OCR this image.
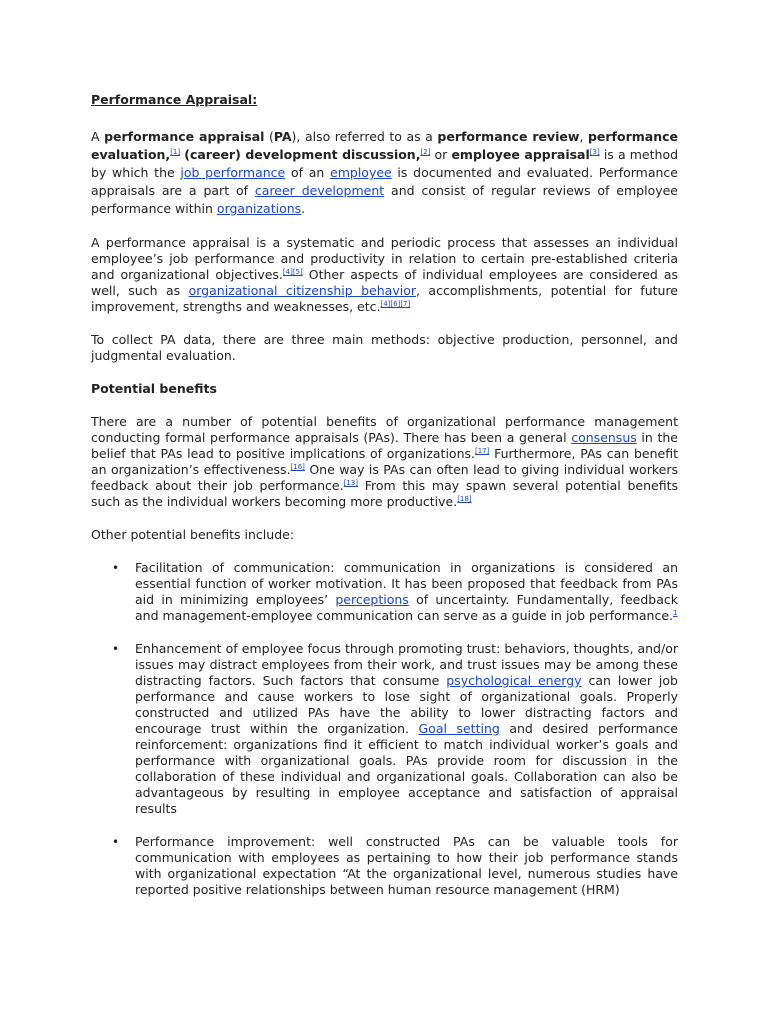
Performance Appraisal:

A performance appraisal (PA), also referred to as a performance review, performance evaluation,[1] (career) development discussion,[2] or employee appraisal[3] is a method by which the job performance of an employee is documented and evaluated. Performance appraisals are a part of career development and consist of regular reviews of employee performance within organizations.

A performance appraisal is a systematic and periodic process that assesses an individual employee’s job performance and productivity in relation to certain pre-established criteria and organizational objectives.[4][5] Other aspects of individual employees are considered as well, such as organizational citizenship behavior, accomplishments, potential for future improvement, strengths and weaknesses, etc.[4][6][7]

To collect PA data, there are three main methods: objective production, personnel, and judgmental evaluation.

Potential benefits

There are a number of potential benefits of organizational performance management conducting formal performance appraisals (PAs). There has been a general consensus in the belief that PAs lead to positive implications of organizations.[17] Furthermore, PAs can benefit an organization’s effectiveness.[16] One way is PAs can often lead to giving individual workers feedback about their job performance.[13] From this may spawn several potential benefits such as the individual workers becoming more productive.[18]

Other potential benefits include:

• Facilitation of communication: communication in organizations is considered an essential function of worker motivation. It has been proposed that feedback from PAs aid in minimizing employees’ perceptions of uncertainty. Fundamentally, feedback and management-employee communication can serve as a guide in job performance.$^1$
• Enhancement of employee focus through promoting trust: behaviors, thoughts, and/or issues may distract employees from their work, and trust issues may be among these distracting factors. Such factors that consume psychological energy can lower job performance and cause workers to lose sight of organizational goals. Properly constructed and utilized PAs have the ability to lower distracting factors and encourage trust within the organization. Goal setting and desired performance reinforcement: organizations find it efficient to match individual worker’s goals and performance with organizational goals. PAs provide room for discussion in the collaboration of these individual and organizational goals. Collaboration can also be advantageous by resulting in employee acceptance and satisfaction of appraisal results
• Performance improvement: well constructed PAs can be valuable tools for communication with employees as pertaining to how their job performance stands with organizational expectation “At the organizational level, numerous studies have reported positive relationships between human resource management (HRM)
